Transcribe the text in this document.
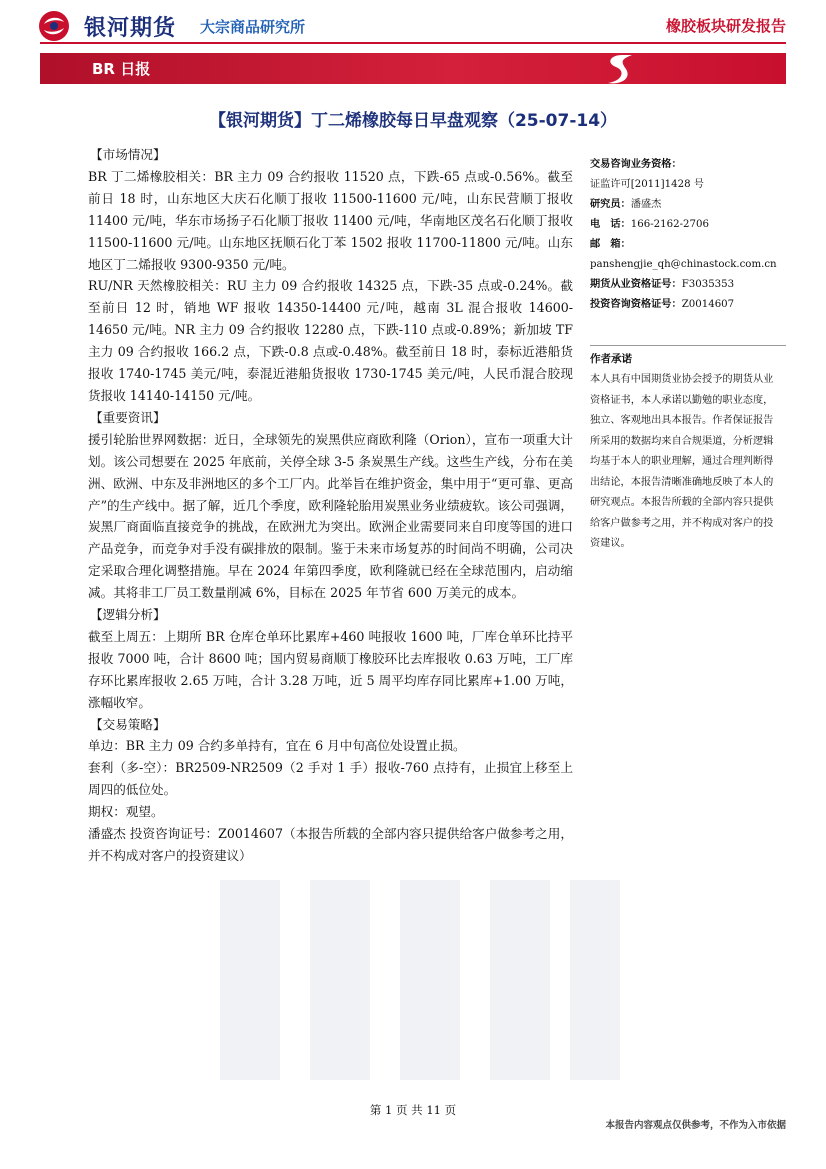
银河期货 大宗商品研究所	橡胶板块研发报告
BR 日报
【银河期货】丁二烯橡胶每日早盘观察（25-07-14）

【市场情况】

BR 丁二烯橡胶相关：BR 主力 09 合约报收 11520 点，下跌-65 点或-0.56%。截至前日 18 时，山东地区大庆石化顺丁报收 11500-11600 元/吨，山东民营顺丁报收 11400 元/吨，华东市场扬子石化顺丁报收 11400 元/吨，华南地区茂名石化顺丁报收 11500-11600 元/吨。山东地区抚顺石化丁苯 1502 报收 11700-11800 元/吨。山东地区丁二烯报收 9300-9350 元/吨。

RU/NR 天然橡胶相关：RU 主力 09 合约报收 14325 点，下跌-35 点或-0.24%。截至前日 12 时，销地 WF 报收 14350-14400 元/吨，越南 3L 混合报收 14600-14650 元/吨。NR 主力 09 合约报收 12280 点，下跌-110 点或-0.89%；新加坡 TF 主力 09 合约报收 166.2 点，下跌-0.8 点或-0.48%。截至前日 18 时，泰标近港船货报收 1740-1745 美元/吨，泰混近港船货报收 1730-1745 美元/吨，人民币混合胶现货报收 14140-14150 元/吨。

【重要资讯】

援引轮胎世界网数据：近日，全球领先的炭黑供应商欧利隆（Orion），宣布一项重大计划。该公司想要在 2025 年底前，关停全球 3-5 条炭黑生产线。这些生产线，分布在美洲、欧洲、中东及非洲地区的多个工厂内。此举旨在维护资金，集中用于“更可靠、更高产”的生产线中。据了解，近几个季度，欧利隆轮胎用炭黑业务业绩疲软。该公司强调，炭黑厂商面临直接竞争的挑战，在欧洲尤为突出。欧洲企业需要同来自印度等国的进口产品竞争，而竞争对手没有碳排放的限制。鉴于未来市场复苏的时间尚不明确，公司决定采取合理化调整措施。早在 2024 年第四季度，欧利隆就已经在全球范围内，启动缩减。其将非工厂员工数量削减 6%，目标在 2025 年节省 600 万美元的成本。

【逻辑分析】

截至上周五：上期所 BR 仓库仓单环比累库+460 吨报收 1600 吨，厂库仓单环比持平报收 7000 吨，合计 8600 吨；国内贸易商顺丁橡胶环比去库报收 0.63 万吨，工厂库存环比累库报收 2.65 万吨，合计 3.28 万吨，近 5 周平均库存同比累库+1.00 万吨，涨幅收窄。

【交易策略】

单边：BR 主力 09 合约多单持有，宜在 6 月中旬高位处设置止损。

套利（多-空）：BR2509-NR2509（2 手对 1 手）报收-760 点持有，止损宜上移至上周四的低位处。

期权：观望。

潘盛杰 投资咨询证号：Z0014607（本报告所载的全部内容只提供给客户做参考之用，并不构成对客户的投资建议）

交易咨询业务资格：
证监许可[2011]1428 号
研究员：潘盛杰
电　话：166-2162-2706
邮　箱：
panshengjie_qh@chinastock.com.cn
期货从业资格证号：F3035353
投资咨询资格证号：Z0014607
作者承诺
本人具有中国期货业协会授予的期货从业资格证书，本人承诺以勤勉的职业态度，独立、客观地出具本报告。作者保证报告所采用的数据均来自合规渠道，分析逻辑均基于本人的职业理解，通过合理判断得出结论，本报告清晰准确地反映了本人的研究观点。本报告所载的全部内容只提供给客户做参考之用，并不构成对客户的投资建议。
第 1 页 共 11 页
本报告内容观点仅供参考，不作为入市依据
